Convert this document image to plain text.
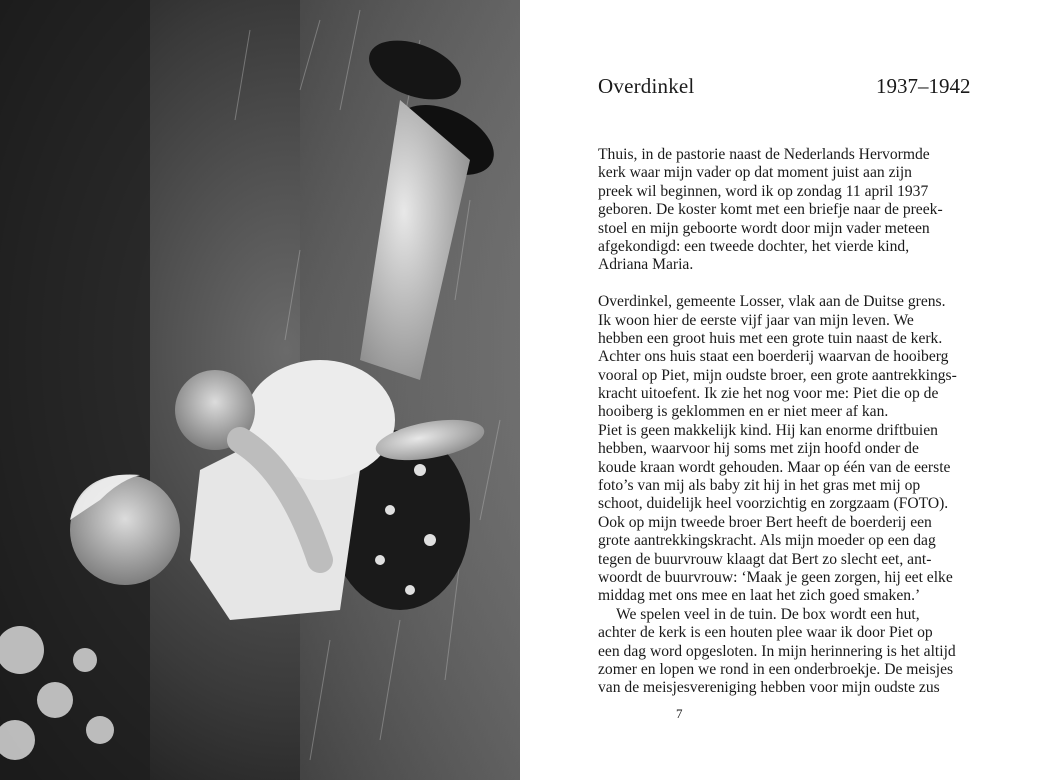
Overdinkel	1937–1942
Thuis, in de pastorie naast de Nederlands Hervormde
kerk waar mijn vader op dat moment juist aan zijn
preek wil beginnen, word ik op zondag 11 april 1937
geboren. De koster komt met een briefje naar de preek-
stoel en mijn geboorte wordt door mijn vader meteen
afgekondigd: een tweede dochter, het vierde kind,
Adriana Maria.
Overdinkel, gemeente Losser, vlak aan de Duitse grens.
Ik woon hier de eerste vijf jaar van mijn leven. We
hebben een groot huis met een grote tuin naast de kerk.
Achter ons huis staat een boerderij waarvan de hooiberg
vooral op Piet, mijn oudste broer, een grote aantrekkings-
kracht uitoefent. Ik zie het nog voor me: Piet die op de
hooiberg is geklommen en er niet meer af kan.
Piet is geen makkelijk kind. Hij kan enorme driftbuien
hebben, waarvoor hij soms met zijn hoofd onder de
koude kraan wordt gehouden. Maar op één van de eerste
foto’s van mij als baby zit hij in het gras met mij op
schoot, duidelijk heel voorzichtig en zorgzaam (FOTO).
Ook op mijn tweede broer Bert heeft de boerderij een
grote aantrekkingskracht. Als mijn moeder op een dag
tegen de buurvrouw klaagt dat Bert zo slecht eet, ant-
woordt de buurvrouw: ‘Maak je geen zorgen, hij eet elke
middag met ons mee en laat het zich goed smaken.’
We spelen veel in de tuin. De box wordt een hut,
achter de kerk is een houten plee waar ik door Piet op
een dag word opgesloten. In mijn herinnering is het altijd
zomer en lopen we rond in een onderbroekje. De meisjes
van de meisjesvereniging hebben voor mijn oudste zus
7
